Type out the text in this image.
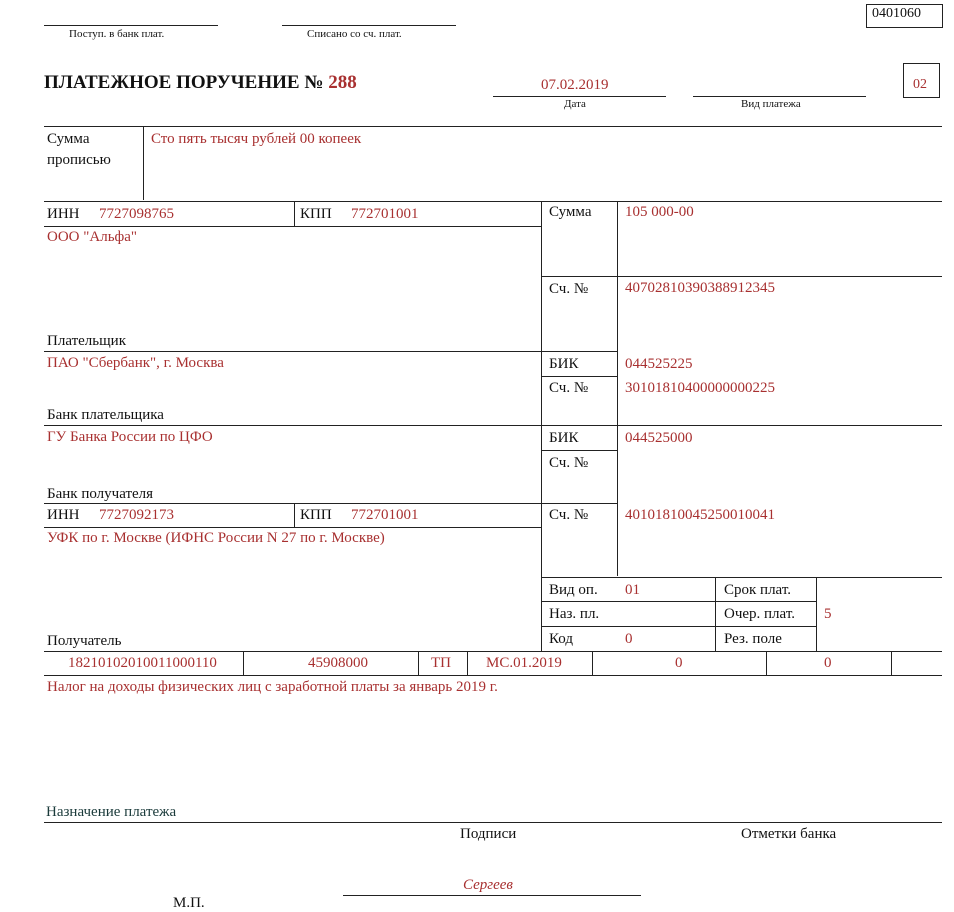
0401060
Поступ. в банк плат.	Списано со сч. плат.
ПЛАТЕЖНОЕ ПОРУЧЕНИЕ № 288	07.02.2019
Дата	Вид платежа
02
Сумма
прописью
Сто пять тысяч рублей 00 копеек
ИНН 7727098765	КПП 772701001
ООО "Альфа"
Плательщик
Сумма 105 000-00
Сч. № 40702810390388912345
ПАО "Сбербанк", г. Москва
Банк плательщика
БИК	044525225
Сч. № 30101810400000000225
ГУ Банка России по ЦФО
Банк получателя
БИК	044525000
Сч. №
ИНН 7727092173	КПП 772701001
УФК по г. Москве (ИФНС России N 27 по г. Москве)
Получатель
Сч. № 40101810045250010041
Вид оп. 01	Срок плат.
Наз. пл.	Очер. плат. 5
Код	0	Рез. поле
18210102010011000110	45908000	ТП МС.01.2019	0	0
Налог на доходы физических лиц с заработной платы за январь 2019 г.
Назначение платежа
Подписи	Отметки банка
Сергеев
М.П.
